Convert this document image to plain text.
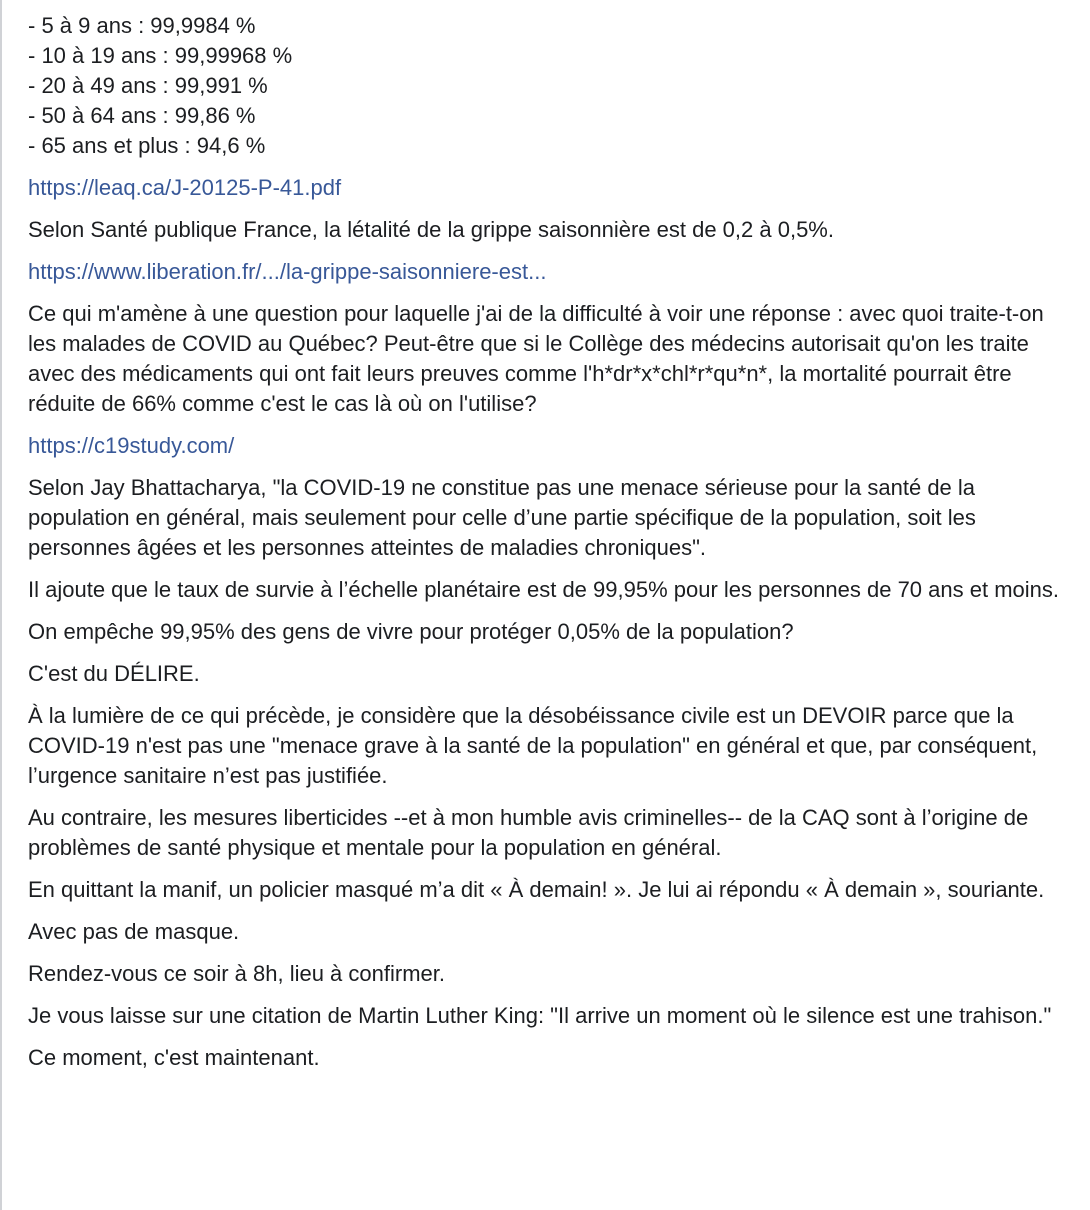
- 5 à 9 ans : 99,9984 %
- 10 à 19 ans : 99,99968 %
- 20 à 49 ans : 99,991 %
- 50 à 64 ans : 99,86 %
- 65 ans et plus : 94,6 %

https://leaq.ca/J-20125-P-41.pdf

Selon Santé publique France, la létalité de la grippe saisonnière est de 0,2 à 0,5%.

https://www.liberation.fr/.../la-grippe-saisonniere-est...

Ce qui m'amène à une question pour laquelle j'ai de la difficulté à voir une réponse : avec quoi traite-t-on les malades de COVID au Québec? Peut-être que si le Collège des médecins autorisait qu'on les traite avec des médicaments qui ont fait leurs preuves comme l'h*dr*x*chl*r*qu*n*, la mortalité pourrait être réduite de 66% comme c'est le cas là où on l'utilise?

https://c19study.com/

Selon Jay Bhattacharya, "la COVID-19 ne constitue pas une menace sérieuse pour la santé de la population en général, mais seulement pour celle d’une partie spécifique de la population, soit les personnes âgées et les personnes atteintes de maladies chroniques".

Il ajoute que le taux de survie à l’échelle planétaire est de 99,95% pour les personnes de 70 ans et moins.

On empêche 99,95% des gens de vivre pour protéger 0,05% de la population?

C'est du DÉLIRE.

À la lumière de ce qui précède, je considère que la désobéissance civile est un DEVOIR parce que la COVID-19 n'est pas une "menace grave à la santé de la population" en général et que, par conséquent, l’urgence sanitaire n’est pas justifiée.

Au contraire, les mesures liberticides --et à mon humble avis criminelles-- de la CAQ sont à l’origine de problèmes de santé physique et mentale pour la population en général.

En quittant la manif, un policier masqué m’a dit « À demain! ». Je lui ai répondu « À demain », souriante.

Avec pas de masque.

Rendez-vous ce soir à 8h, lieu à confirmer.

Je vous laisse sur une citation de Martin Luther King: "Il arrive un moment où le silence est une trahison."

Ce moment, c'est maintenant.
